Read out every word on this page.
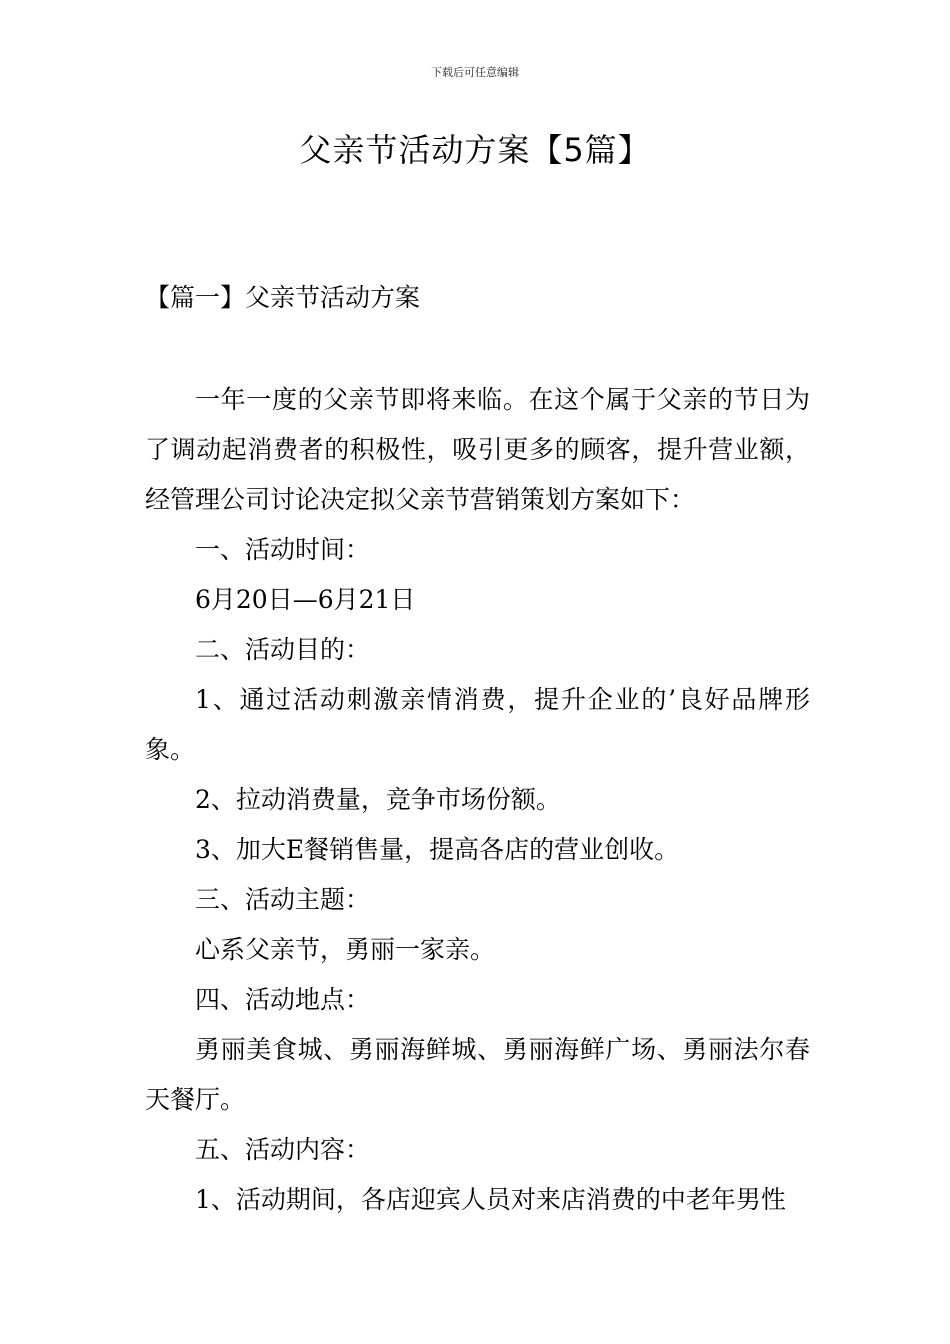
下载后可任意编辑
父亲节活动方案【5篇】
【篇一】父亲节活动方案

一年一度的父亲节即将来临。在这个属于父亲的节日为了调动起消费者的积极性，吸引更多的顾客，提升营业额，经管理公司讨论决定拟父亲节营销策划方案如下：

一、活动时间：

6月20日—6月21日

二、活动目的：

1、通过活动刺激亲情消费，提升企业的’良好品牌形象。

2、拉动消费量，竞争市场份额。

3、加大E餐销售量，提高各店的营业创收。

三、活动主题：

心系父亲节，勇丽一家亲。

四、活动地点：

勇丽美食城、勇丽海鲜城、勇丽海鲜广场、勇丽法尔春天餐厅。

五、活动内容：

1、活动期间，各店迎宾人员对来店消费的中老年男性
